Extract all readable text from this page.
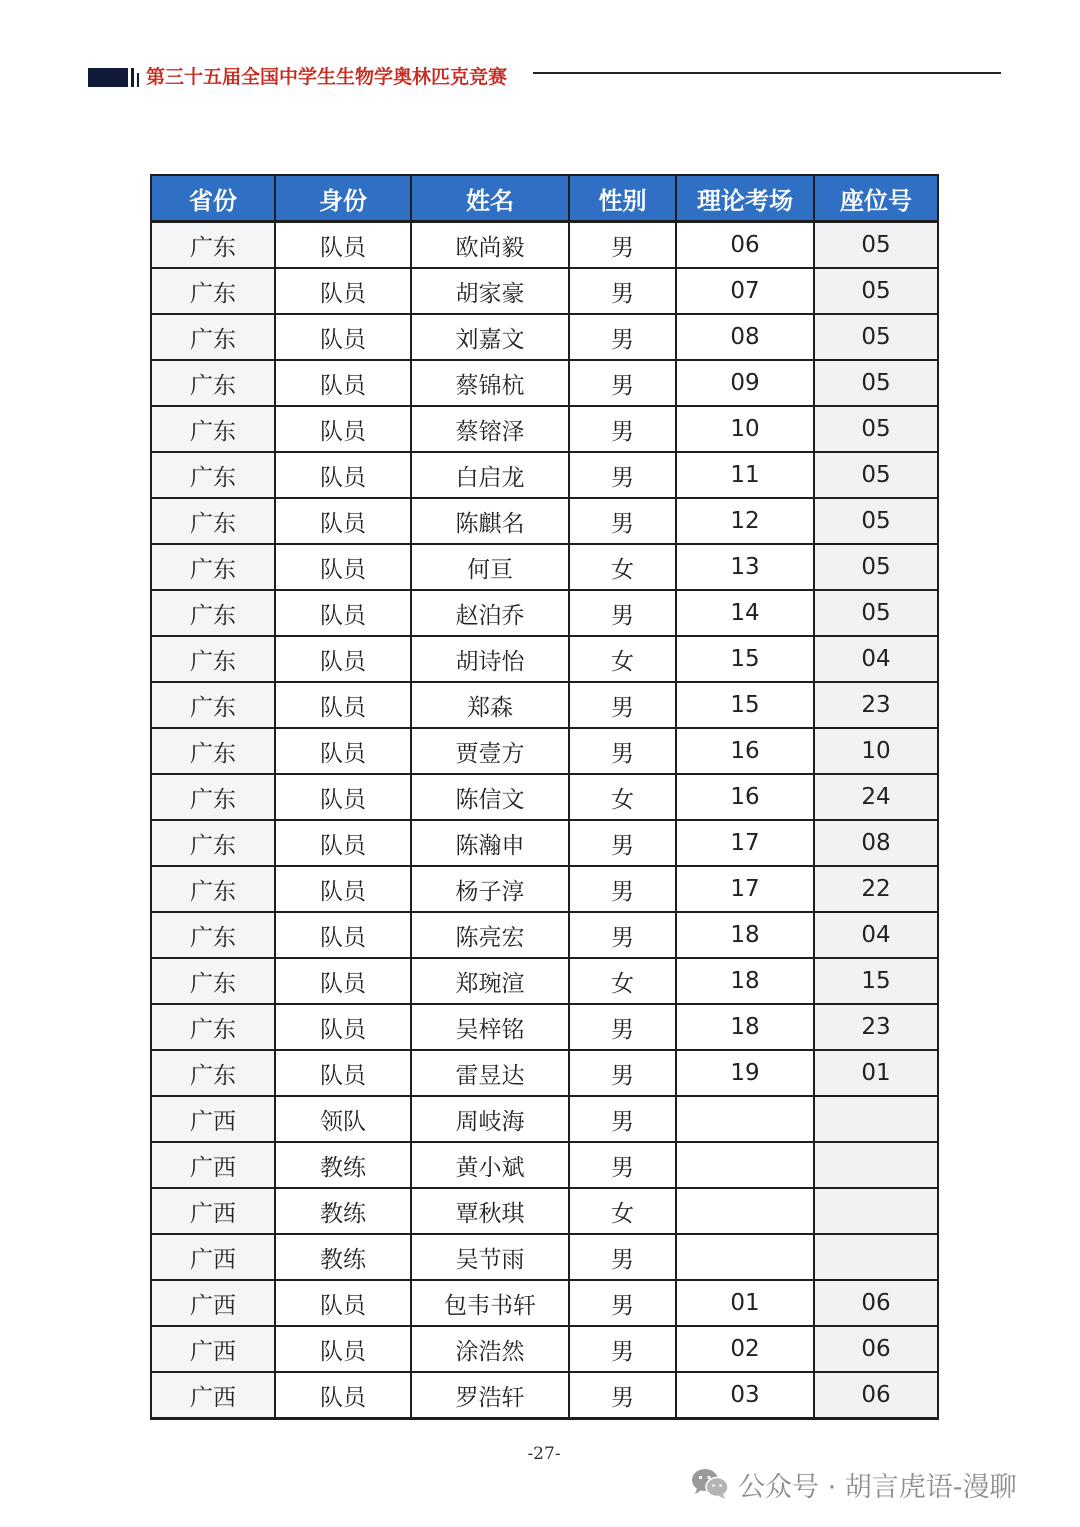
第三十五届全国中学生生物学奥林匹克竞赛
省份	身份	姓名	性别	理论考场	座位号
广东	队员	欧尚毅	男	06	05
广东	队员	胡家豪	男	07	05
广东	队员	刘嘉文	男	08	05
广东	队员	蔡锦杭	男	09	05
广东	队员	蔡镕泽	男	10	05
广东	队员	白启龙	男	11	05
广东	队员	陈麒名	男	12	05
广东	队员	何亘	女	13	05
广东	队员	赵泊乔	男	14	05
广东	队员	胡诗怡	女	15	04
广东	队员	郑森	男	15	23
广东	队员	贾壹方	男	16	10
广东	队员	陈信文	女	16	24
广东	队员	陈瀚申	男	17	08
广东	队员	杨子淳	男	17	22
广东	队员	陈亮宏	男	18	04
广东	队员	郑琬渲	女	18	15
广东	队员	吴梓铭	男	18	23
广东	队员	雷昱达	男	19	01
广西	领队	周岐海	男		
广西	教练	黄小斌	男		
广西	教练	覃秋琪	女		
广西	教练	吴节雨	男		
广西	队员	包韦书轩	男	01	06
广西	队员	涂浩然	男	02	06
广西	队员	罗浩轩	男	03	06
-27-
公众号 · 胡言虎语-漫聊
